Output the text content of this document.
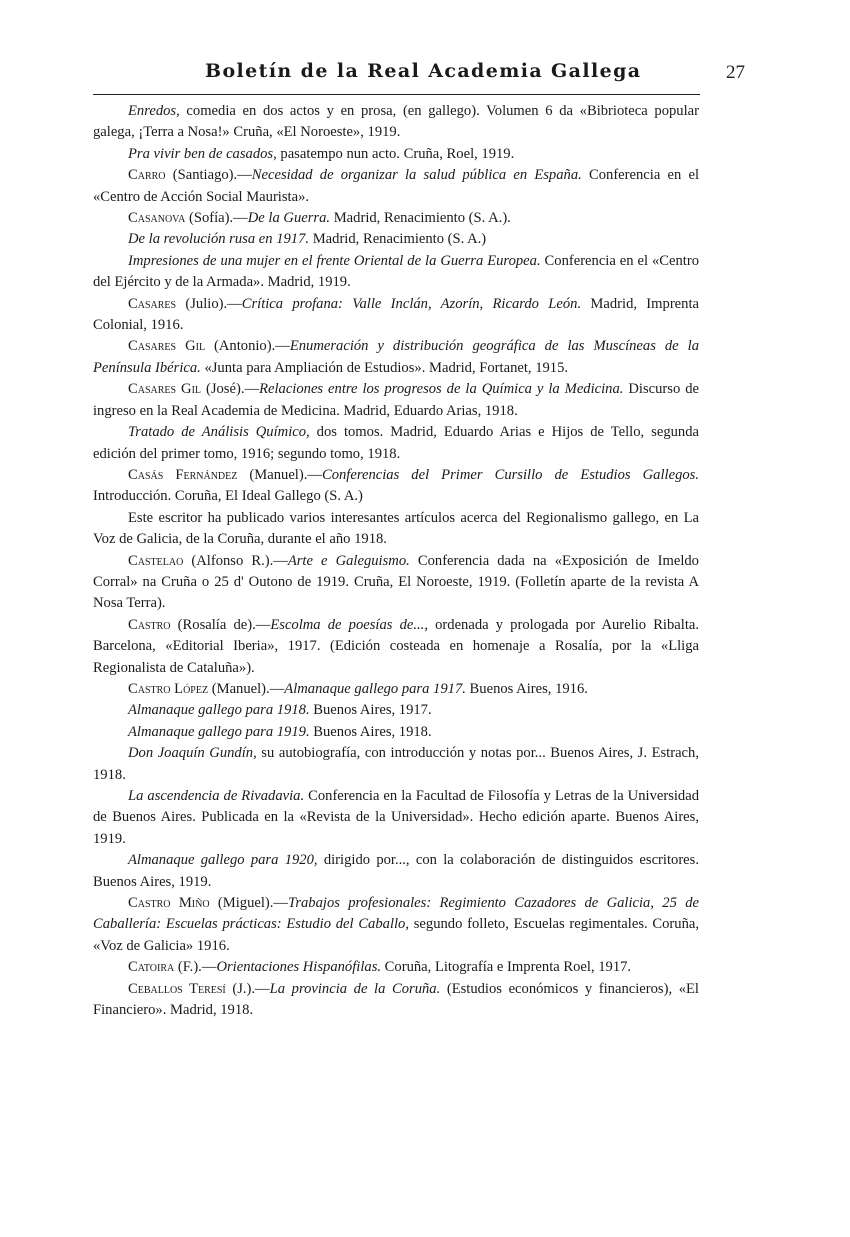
Boletín de la Real Academia Gallega	27

Enredos, comedia en dos actos y en prosa, (en gallego). Volumen 6 da «Bibrioteca popular galega, ¡Terra a Nosa!» Cruña, «El Noroeste», 1919.

Pra vivir ben de casados, pasatempo nun acto. Cruña, Roel, 1919.

Carro (Santiago).—Necesidad de organizar la salud pública en España. Conferencia en el «Centro de Acción Social Maurista».

Casanova (Sofía).—De la Guerra. Madrid, Renacimiento (S. A.).

De la revolución rusa en 1917. Madrid, Renacimiento (S. A.)

Impresiones de una mujer en el frente Oriental de la Guerra Europea. Conferencia en el «Centro del Ejército y de la Armada». Madrid, 1919.

Casares (Julio).—Crítica profana: Valle Inclán, Azorín, Ricardo León. Madrid, Imprenta Colonial, 1916.

Casares Gil (Antonio).—Enumeración y distribución geográfica de las Muscíneas de la Península Ibérica. «Junta para Ampliación de Estudios». Madrid, Fortanet, 1915.

Casares Gil (José).—Relaciones entre los progresos de la Química y la Medicina. Discurso de ingreso en la Real Academia de Medicina. Madrid, Eduardo Arias, 1918.

Tratado de Análisis Químico, dos tomos. Madrid, Eduardo Arias e Hijos de Tello, segunda edición del primer tomo, 1916; segundo tomo, 1918.

Casás Fernández (Manuel).—Conferencias del Primer Cursillo de Estudios Gallegos. Introducción. Coruña, El Ideal Gallego (S. A.)

Este escritor ha publicado varios interesantes artículos acerca del Regionalismo gallego, en La Voz de Galicia, de la Coruña, durante el año 1918.

Castelao (Alfonso R.).—Arte e Galeguismo. Conferencia dada na «Exposición de Imeldo Corral» na Cruña o 25 d' Outono de 1919. Cruña, El Noroeste, 1919. (Folletín aparte de la revista A Nosa Terra).

Castro (Rosalía de).—Escolma de poesías de..., ordenada y prologada por Aurelio Ribalta. Barcelona, «Editorial Iberia», 1917. (Edición costeada en homenaje a Rosalía, por la «Lliga Regionalista de Cataluña»).

Castro López (Manuel).—Almanaque gallego para 1917. Buenos Aires, 1916.

Almanaque gallego para 1918. Buenos Aires, 1917.

Almanaque gallego para 1919. Buenos Aires, 1918.

Don Joaquín Gundín, su autobiografía, con introducción y notas por... Buenos Aires, J. Estrach, 1918.

La ascendencia de Rivadavia. Conferencia en la Facultad de Filosofía y Letras de la Universidad de Buenos Aires. Publicada en la «Revista de la Universidad». Hecho edición aparte. Buenos Aires, 1919.

Almanaque gallego para 1920, dirigido por..., con la colaboración de distinguidos escritores. Buenos Aires, 1919.

Castro Miño (Miguel).—Trabajos profesionales: Regimiento Cazadores de Galicia, 25 de Caballería: Escuelas prácticas: Estudio del Caballo, segundo folleto, Escuelas regimentales. Coruña, «Voz de Galicia» 1916.

Catoira (F.).—Orientaciones Hispanófilas. Coruña, Litografía e Imprenta Roel, 1917.

Ceballos Teresí (J.).—La provincia de la Coruña. (Estudios económicos y financieros), «El Financiero». Madrid, 1918.
